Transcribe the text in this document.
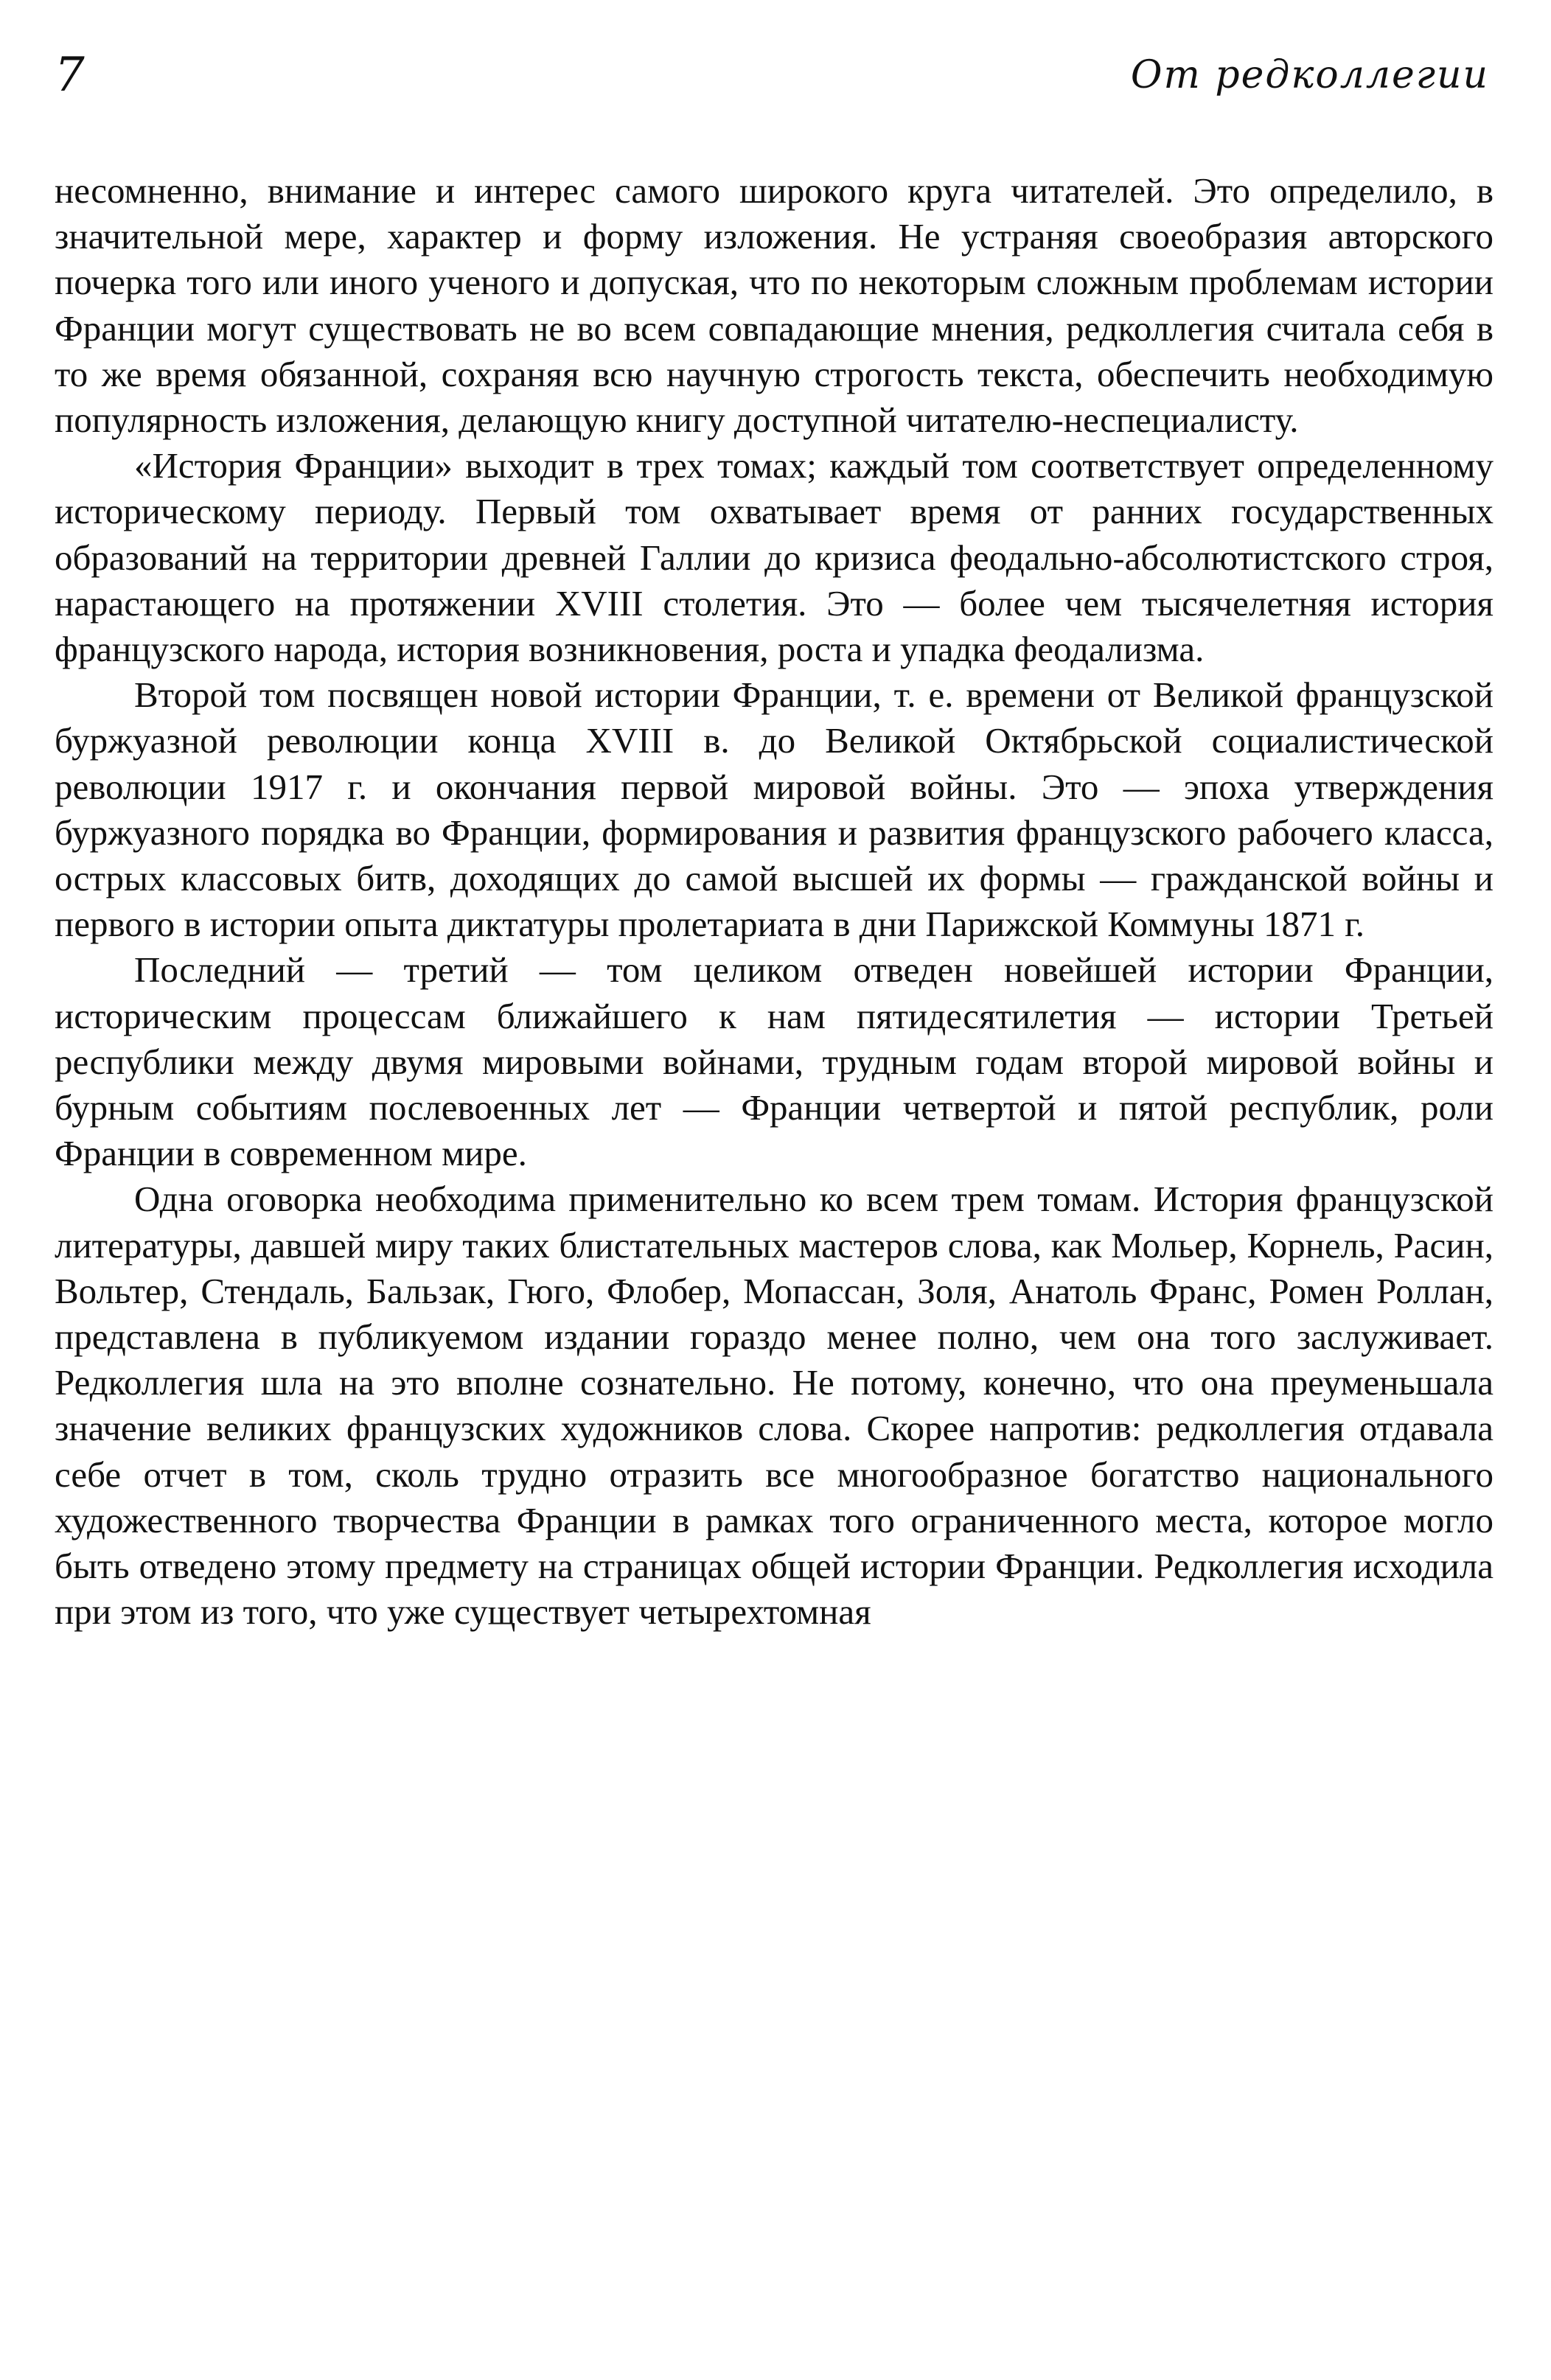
7	От редколлегии

несомненно, внимание и интерес самого широкого круга читателей. Это определило, в значительной мере, характер и форму изложения. Не устраняя своеобразия авторского почерка того или иного ученого и допуская, что по некоторым сложным проблемам истории Франции могут существовать не во всем совпадающие мнения, редколлегия считала себя в то же время обязанной, сохраняя всю научную строгость текста, обеспечить необходимую популярность изложения, делающую книгу доступной читателю-неспециалисту.

«История Франции» выходит в трех томах; каждый том соответствует определенному историческому периоду. Первый том охватывает время от ранних государственных образований на территории древней Галлии до кризиса феодально-абсолютистского строя, нарастающего на протяжении XVIII столетия. Это — более чем тысячелетняя история французского народа, история возникновения, роста и упадка феодализма.

Второй том посвящен новой истории Франции, т. е. времени от Великой французской буржуазной революции конца XVIII в. до Великой Октябрьской социалистической революции 1917 г. и окончания первой мировой войны. Это — эпоха утверждения буржуазного порядка во Франции, формирования и развития французского рабочего класса, острых классовых битв, доходящих до самой высшей их формы — гражданской войны и первого в истории опыта диктатуры пролетариата в дни Парижской Коммуны 1871 г.

Последний — третий — том целиком отведен новейшей истории Франции, историческим процессам ближайшего к нам пятидесятилетия — истории Третьей республики между двумя мировыми войнами, трудным годам второй мировой войны и бурным событиям послевоенных лет — Франции четвертой и пятой республик, роли Франции в современном мире.

Одна оговорка необходима применительно ко всем трем томам. История французской литературы, давшей миру таких блистательных мастеров слова, как Мольер, Корнель, Расин, Вольтер, Стендаль, Бальзак, Гюго, Флобер, Мопассан, Золя, Анатоль Франс, Ромен Роллан, представлена в публикуемом издании гораздо менее полно, чем она того заслуживает. Редколлегия шла на это вполне сознательно. Не потому, конечно, что она преуменьшала значение великих французских художников слова. Скорее напротив: редколлегия отдавала себе отчет в том, сколь трудно отразить все многообразное богатство национального художественного творчества Франции в рамках того ограниченного места, которое могло быть отведено этому предмету на страницах общей истории Франции. Редколлегия исходила при этом из того, что уже существует четырехтомная
